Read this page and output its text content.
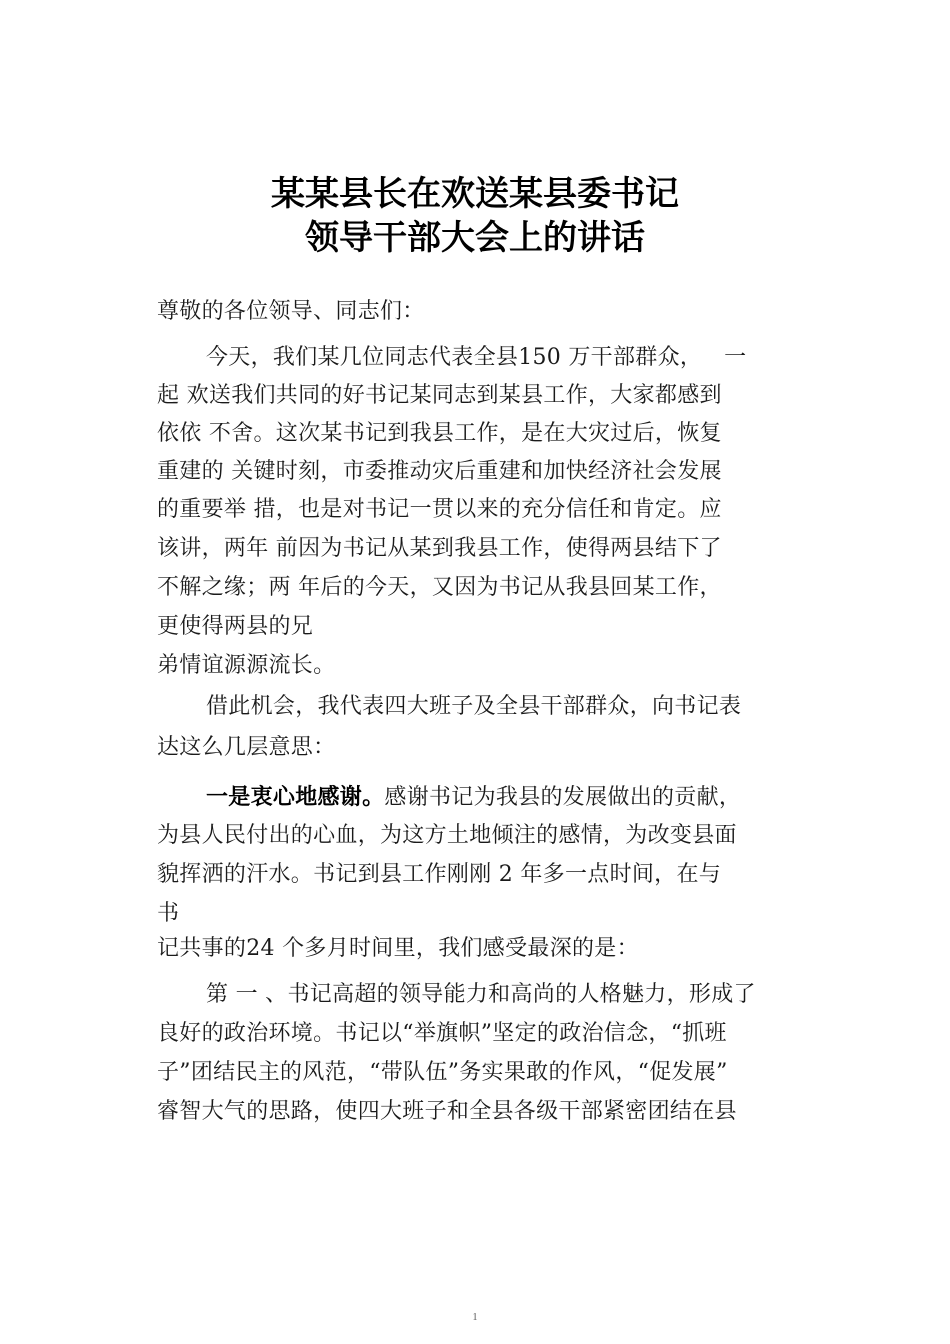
某某县长在欢送某县委书记
领导干部大会上的讲话
尊敬的各位领导、同志们：
今天，我们某几位同志代表全县150 万干部群众，   一
起 欢送我们共同的好书记某同志到某县工作，大家都感到
依依 不舍。这次某书记到我县工作，是在大灾过后，恢复
重建的 关键时刻，市委推动灾后重建和加快经济社会发展
的重要举 措，也是对书记一贯以来的充分信任和肯定。应
该讲，两年 前因为书记从某到我县工作，使得两县结下了
不解之缘；两 年后的今天，又因为书记从我县回某工作，
更使得两县的兄
弟情谊源源流长。
借此机会，我代表四大班子及全县干部群众，向书记表
达这么几层意思：
一是衷心地感谢。感谢书记为我县的发展做出的贡献，
为县人民付出的心血，为这方土地倾注的感情，为改变县面
貌挥洒的汗水。书记到县工作刚刚 2 年多一点时间，在与
书
记共事的24 个多月时间里，我们感受最深的是：
第 一 、书记高超的领导能力和高尚的人格魅力，形成了
良好的政治环境。书记以“举旗帜”坚定的政治信念，“抓班
子”团结民主的风范，“带队伍”务实果敢的作风，“促发展”
睿智大气的思路，使四大班子和全县各级干部紧密团结在县
1
